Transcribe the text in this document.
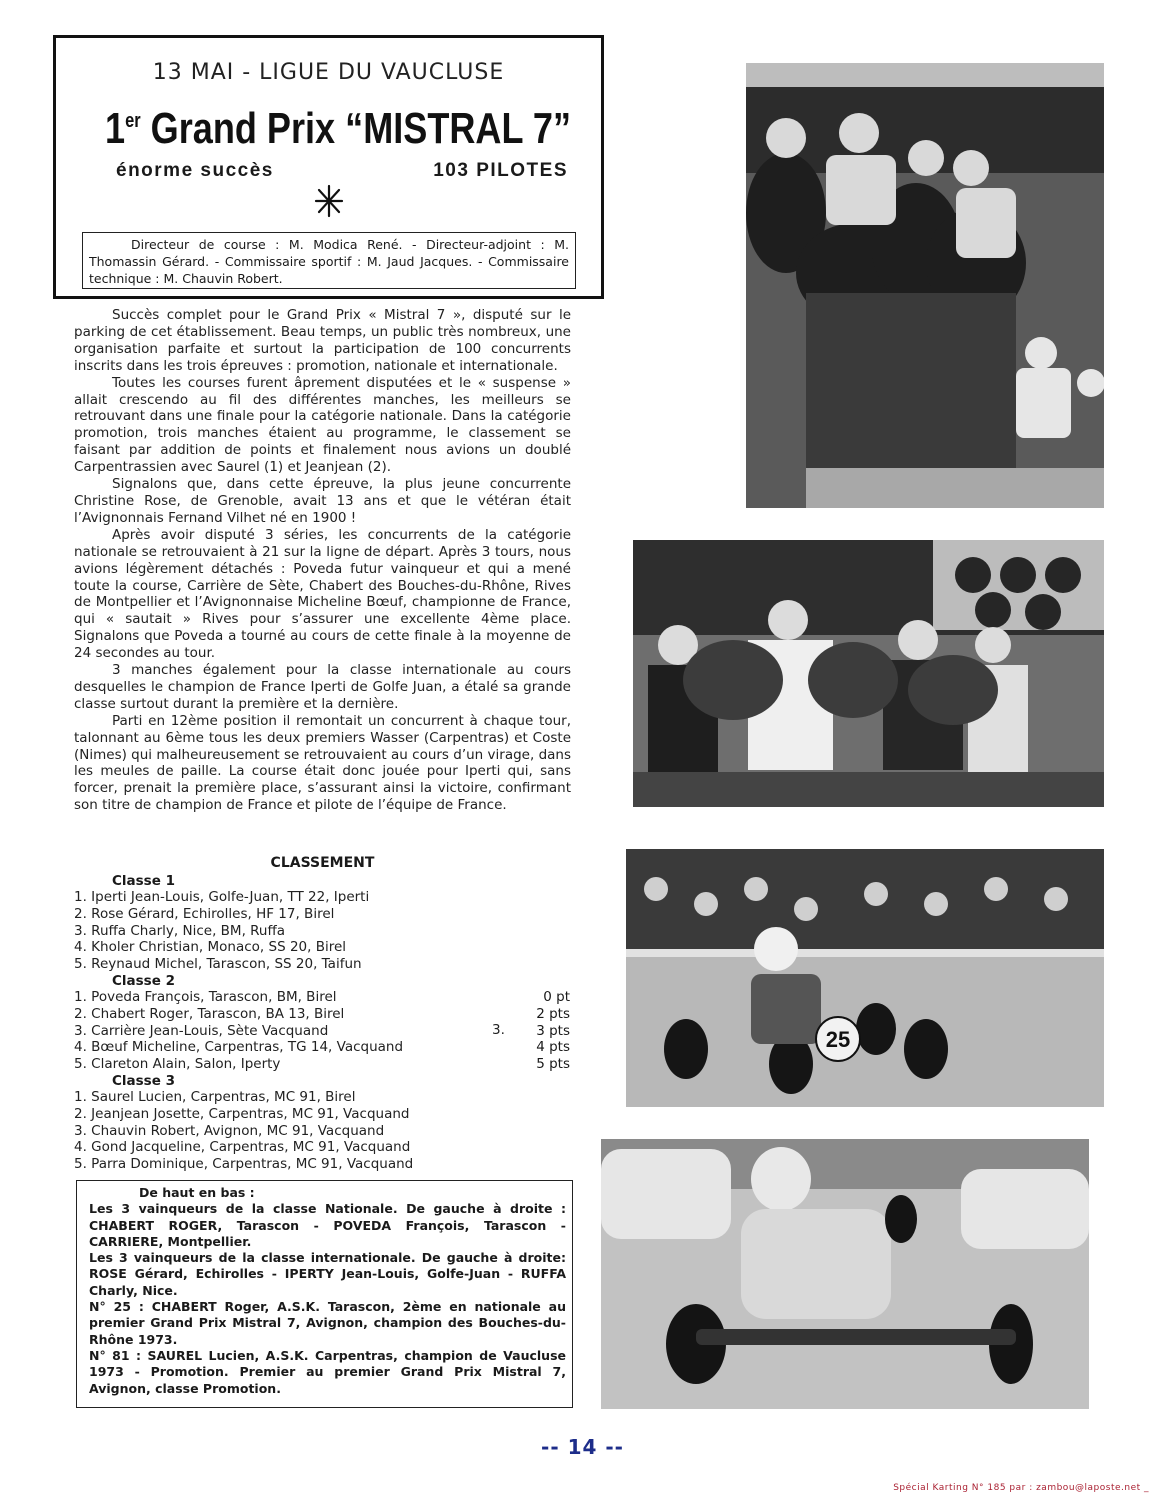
13 MAI - LIGUE DU VAUCLUSE
1er Grand Prix “MISTRAL 7”
énorme succès	103 PILOTES
Directeur de course : M. Modica René. - Directeur-adjoint : M. Thomassin Gérard. - Commissaire sportif : M. Jaud Jacques. - Commissaire technique : M. Chauvin Robert.

Succès complet pour le Grand Prix « Mistral 7 », disputé sur le parking de cet établissement. Beau temps, un public très nombreux, une organisation parfaite et surtout la participation de 100 concurrents inscrits dans les trois épreuves : promotion, nationale et internationale.

Toutes les courses furent âprement disputées et le « suspense » allait crescendo au fil des différentes manches, les meilleurs se retrouvant dans une finale pour la catégorie nationale. Dans la catégorie promotion, trois manches étaient au programme, le classement se faisant par addition de points et finalement nous avions un doublé Carpentrassien avec Saurel (1) et Jeanjean (2).

Signalons que, dans cette épreuve, la plus jeune concurrente Christine Rose, de Grenoble, avait 13 ans et que le vétéran était l’Avignonnais Fernand Vilhet né en 1900 !

Après avoir disputé 3 séries, les concurrents de la catégorie nationale se retrouvaient à 21 sur la ligne de départ. Après 3 tours, nous avions légèrement détachés : Poveda futur vainqueur et qui a mené toute la course, Carrière de Sète, Chabert des Bouches-du-Rhône, Rives de Montpellier et l’Avignonnaise Micheline Bœuf, championne de France, qui « sautait » Rives pour s’assurer une excellente 4ème place. Signalons que Poveda a tourné au cours de cette finale à la moyenne de 24 secondes au tour.

3 manches également pour la classe internationale au cours desquelles le champion de France Iperti de Golfe Juan, a étalé sa grande classe surtout durant la première et la dernière.

Parti en 12ème position il remontait un concurrent à chaque tour, talonnant au 6ème tous les deux premiers Wasser (Carpentras) et Coste (Nimes) qui malheureusement se retrouvaient au cours d’un virage, dans les meules de paille. La course était donc jouée pour Iperti qui, sans forcer, prenait la première place, s’assurant ainsi la victoire, confirmant son titre de champion de France et pilote de l’équipe de France.

CLASSEMENT
Classe 1
1. Iperti Jean-Louis, Golfe-Juan, TT 22, Iperti
2. Rose Gérard, Echirolles, HF 17, Birel
3. Ruffa Charly, Nice, BM, Ruffa
4. Kholer Christian, Monaco, SS 20, Birel
5. Reynaud Michel, Tarascon, SS 20, Taifun
Classe 2
1. Poveda François, Tarascon, BM, Birel
2. Chabert Roger, Tarascon, BA 13, Birel
3. Carrière Jean-Louis, Sète Vacquand
4. Bœuf Micheline, Carpentras, TG 14, Vacquand
5. Clareton Alain, Salon, Iperty
3.
0 pt
2 pts
3 pts
4 pts
5 pts
Classe 3
1. Saurel Lucien, Carpentras, MC 91, Birel
2. Jeanjean Josette, Carpentras, MC 91, Vacquand
3. Chauvin Robert, Avignon, MC 91, Vacquand
4. Gond Jacqueline, Carpentras, MC 91, Vacquand
5. Parra Dominique, Carpentras, MC 91, Vacquand
De haut en bas :
Les 3 vainqueurs de la classe Nationale. De gauche à droite : CHABERT ROGER, Tarascon - POVEDA François, Tarascon - CARRIERE, Montpellier.
Les 3 vainqueurs de la classe internationale. De gauche à droite: ROSE Gérard, Echirolles - IPERTY Jean-Louis, Golfe-Juan - RUFFA Charly, Nice.
N° 25 : CHABERT Roger, A.S.K. Tarascon, 2ème en nationale au premier Grand Prix Mistral 7, Avignon, champion des Bouches-du-Rhône 1973.
N° 81 : SAUREL Lucien, A.S.K. Carpentras, champion de Vaucluse 1973 - Promotion. Premier au premier Grand Prix Mistral 7, Avignon, classe Promotion.
25
-- 14 --
Spécial Karting N° 185 par : zambou@laposte.net _
